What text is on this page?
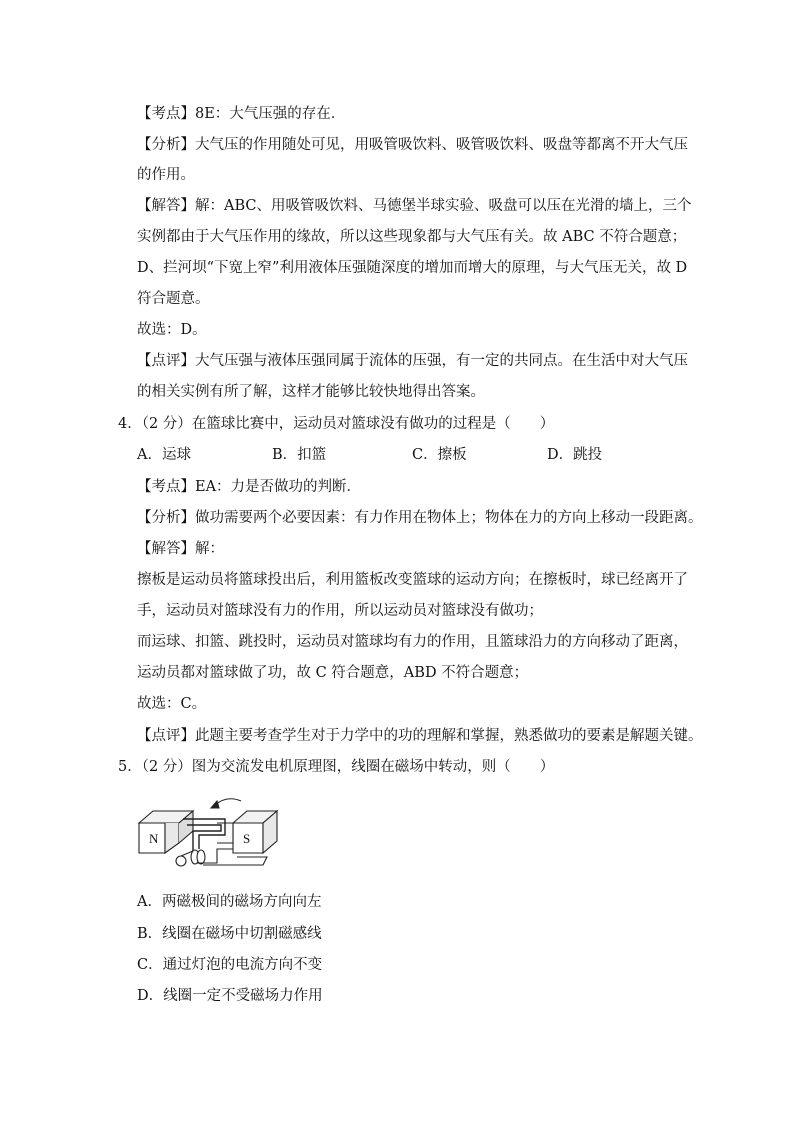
【考点】8E：大气压强的存在．
【分析】大气压的作用随处可见，用吸管吸饮料、吸管吸饮料、吸盘等都离不开大气压
的作用。
【解答】解：ABC、用吸管吸饮料、马德堡半球实验、吸盘可以压在光滑的墙上，三个
实例都由于大气压作用的缘故，所以这些现象都与大气压有关。故 ABC 不符合题意；
D、拦河坝“下宽上窄”利用液体压强随深度的增加而增大的原理，与大气压无关，故 D
符合题意。
故选：D。
【点评】大气压强与液体压强同属于流体的压强，有一定的共同点。在生活中对大气压
的相关实例有所了解，这样才能够比较快地得出答案。
4．（2 分）在篮球比赛中，运动员对篮球没有做功的过程是（　　）
A．运球	B．扣篮	C．擦板	D．跳投
【考点】EA：力是否做功的判断．
【分析】做功需要两个必要因素：有力作用在物体上；物体在力的方向上移动一段距离。
【解答】解：
擦板是运动员将篮球投出后，利用篮板改变篮球的运动方向；在擦板时，球已经离开了
手，运动员对篮球没有力的作用，所以运动员对篮球没有做功；
而运球、扣篮、跳投时，运动员对篮球均有力的作用，且篮球沿力的方向移动了距离，
运动员都对篮球做了功，故 C 符合题意，ABD 不符合题意；
故选：C。
【点评】此题主要考查学生对于力学中的功的理解和掌握，熟悉做功的要素是解题关键。
5．（2 分）图为交流发电机原理图，线圈在磁场中转动，则（　　）
N	S
A．两磁极间的磁场方向向左
B．线圈在磁场中切割磁感线
C．通过灯泡的电流方向不变
D．线圈一定不受磁场力作用
